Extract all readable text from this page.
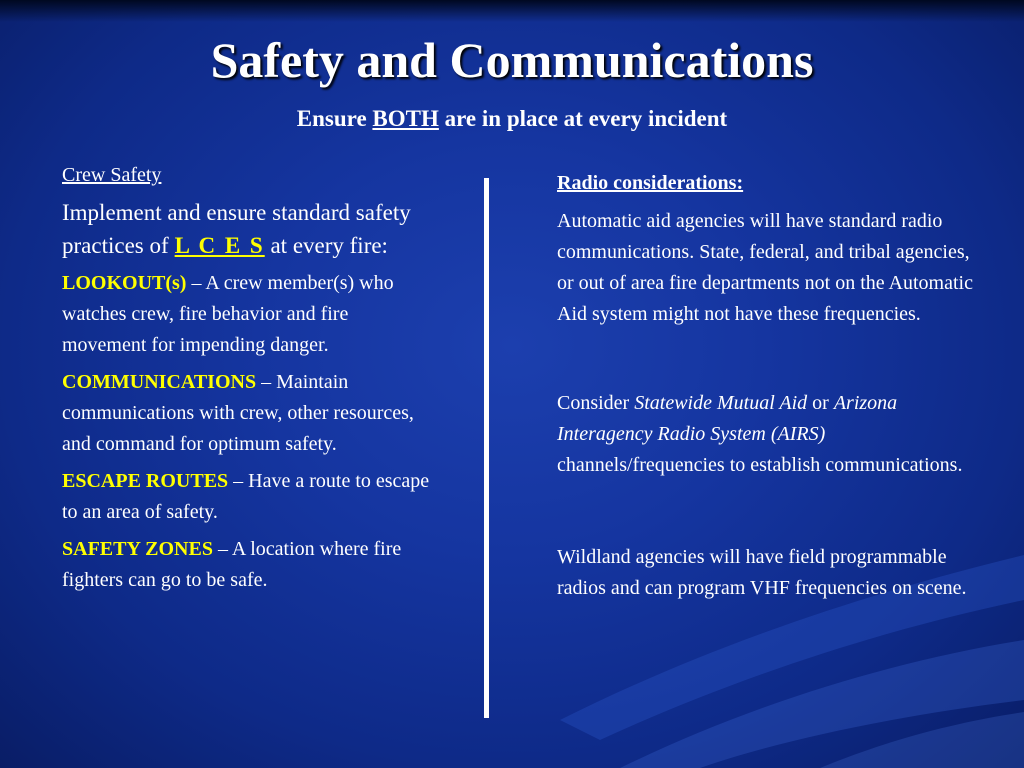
Safety and Communications
Ensure BOTH are in place at every incident
Crew Safety
Implement and ensure standard safety practices of L C E S at every fire:
LOOKOUT(s) – A crew member(s) who watches crew, fire behavior and fire movement for impending danger.
COMMUNICATIONS – Maintain communications with crew, other resources, and command for optimum safety.
ESCAPE ROUTES – Have a route to escape to an area of safety.
SAFETY ZONES – A location where fire fighters can go to be safe.
Radio considerations:
Automatic aid agencies will have standard radio communications. State, federal, and tribal agencies, or out of area fire departments not on the Automatic Aid system might not have these frequencies.
Consider Statewide Mutual Aid or Arizona Interagency Radio System (AIRS) channels/frequencies to establish communications.
Wildland agencies will have field programmable radios and can program VHF frequencies on scene.
